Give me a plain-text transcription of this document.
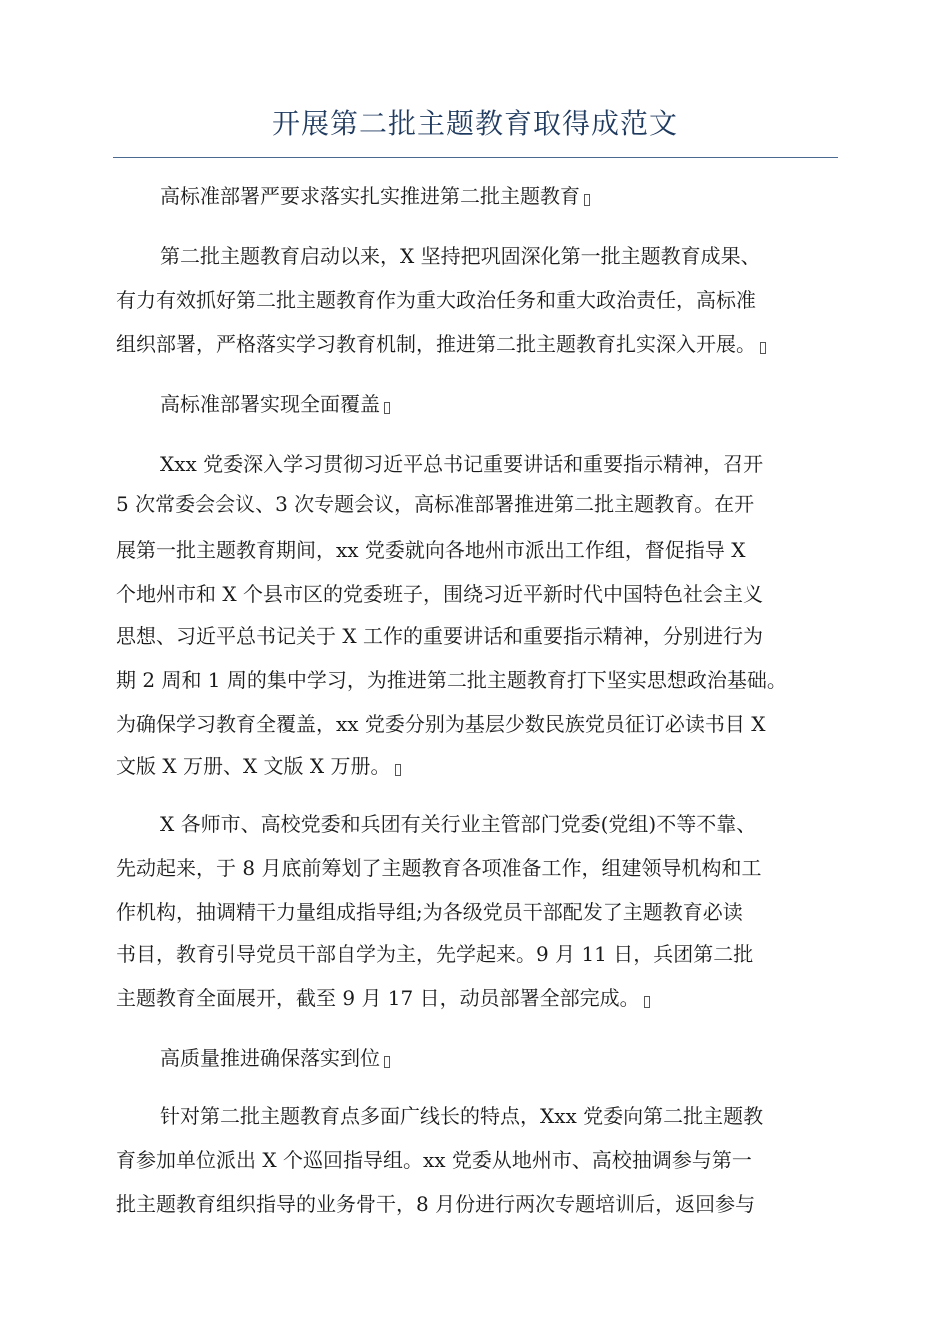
开展第二批主题教育取得成范文
高标准部署严要求落实扎实推进第二批主题教育
第二批主题教育启动以来，X 坚持把巩固深化第一批主题教育成果、
有力有效抓好第二批主题教育作为重大政治任务和重大政治责任，高标准
组织部署，严格落实学习教育机制，推进第二批主题教育扎实深入开展。
高标准部署实现全面覆盖
Xxx 党委深入学习贯彻习近平总书记重要讲话和重要指示精神，召开
5 次常委会会议、3 次专题会议，高标准部署推进第二批主题教育。在开
展第一批主题教育期间，xx 党委就向各地州市派出工作组，督促指导 X
个地州市和 X 个县市区的党委班子，围绕习近平新时代中国特色社会主义
思想、习近平总书记关于 X 工作的重要讲话和重要指示精神，分别进行为
期 2 周和 1 周的集中学习，为推进第二批主题教育打下坚实思想政治基础。
为确保学习教育全覆盖，xx 党委分别为基层少数民族党员征订必读书目 X
文版 X 万册、X 文版 X 万册。
X 各师市、高校党委和兵团有关行业主管部门党委(党组)不等不靠、
先动起来，于 8 月底前筹划了主题教育各项准备工作，组建领导机构和工
作机构，抽调精干力量组成指导组;为各级党员干部配发了主题教育必读
书目，教育引导党员干部自学为主，先学起来。9 月 11 日，兵团第二批
主题教育全面展开，截至 9 月 17 日，动员部署全部完成。
高质量推进确保落实到位
针对第二批主题教育点多面广线长的特点，Xxx 党委向第二批主题教
育参加单位派出 X 个巡回指导组。xx 党委从地州市、高校抽调参与第一
批主题教育组织指导的业务骨干，8 月份进行两次专题培训后，返回参与
